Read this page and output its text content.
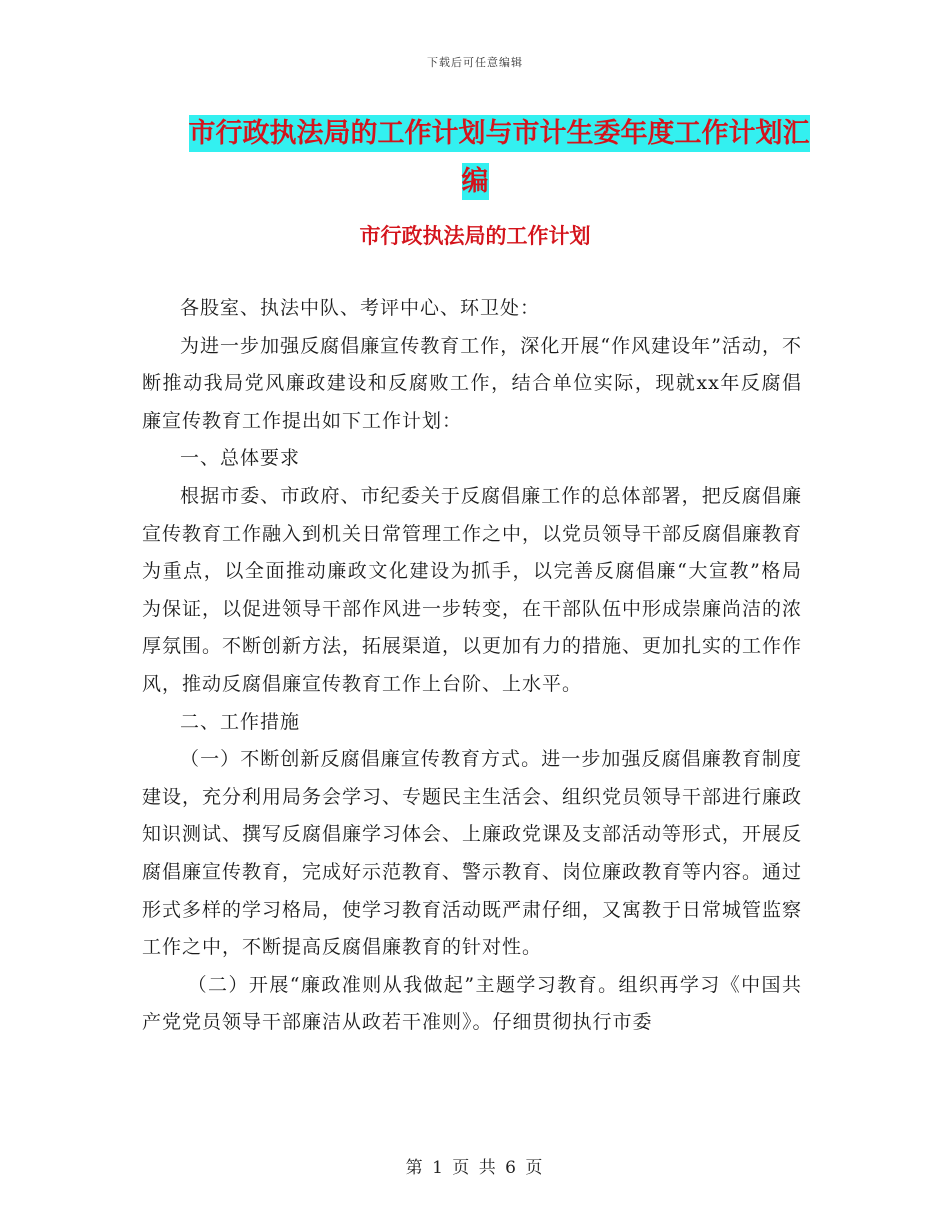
下载后可任意编辑
市行政执法局的工作计划与市计生委年度工作计划汇
编
市行政执法局的工作计划

各股室、执法中队、考评中心、环卫处：

为进一步加强反腐倡廉宣传教育工作，深化开展“作风建设年”活动，不断推动我局党风廉政建设和反腐败工作，结合单位实际，现就xx年反腐倡廉宣传教育工作提出如下工作计划：

一、总体要求

根据市委、市政府、市纪委关于反腐倡廉工作的总体部署，把反腐倡廉宣传教育工作融入到机关日常管理工作之中，以党员领导干部反腐倡廉教育为重点，以全面推动廉政文化建设为抓手，以完善反腐倡廉“大宣教”格局为保证，以促进领导干部作风进一步转变，在干部队伍中形成崇廉尚洁的浓厚氛围。不断创新方法，拓展渠道，以更加有力的措施、更加扎实的工作作风，推动反腐倡廉宣传教育工作上台阶、上水平。

二、工作措施

（一）不断创新反腐倡廉宣传教育方式。进一步加强反腐倡廉教育制度建设，充分利用局务会学习、专题民主生活会、组织党员领导干部进行廉政知识测试、撰写反腐倡廉学习体会、上廉政党课及支部活动等形式，开展反腐倡廉宣传教育，完成好示范教育、警示教育、岗位廉政教育等内容。通过形式多样的学习格局，使学习教育活动既严肃仔细，又寓教于日常城管监察工作之中，不断提高反腐倡廉教育的针对性。

（二）开展“廉政准则从我做起”主题学习教育。组织再学习《中国共产党党员领导干部廉洁从政若干准则》。仔细贯彻执行市委

第 1 页 共 6 页
